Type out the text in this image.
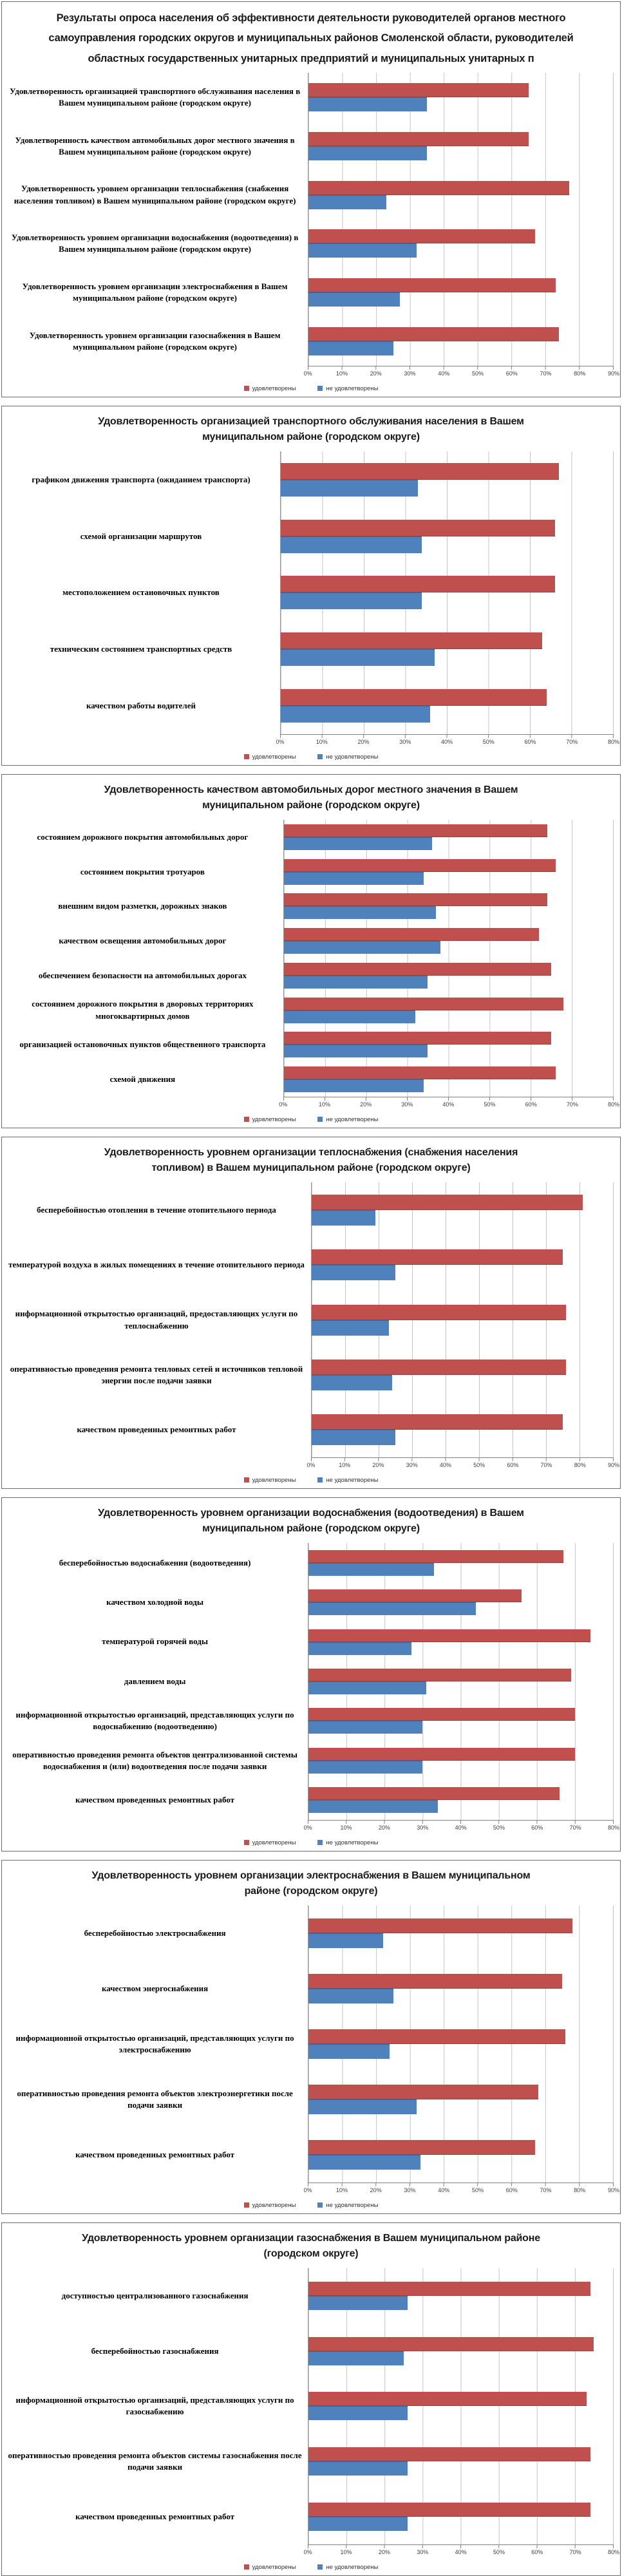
Результаты опроса населения об эффективности деятельности руководителей органов местного самоуправления городских округов и муниципальных районов Смоленской области, руководителей областных государственных унитарных предприятий и муниципальных унитарных п
Удовлетворенность организацией транспортного обслуживания населения в Вашем муниципальном районе (городском округе)
Удовлетворенность качеством автомобильных дорог местного значения в Вашем муниципальном районе (городском округе)
Удовлетворенность уровнем организации теплоснабжения (снабжения населения топливом) в Вашем муниципальном районе (городском округе)
Удовлетворенность уровнем организации водоснабжения (водоотведения) в Вашем муниципальном районе (городском округе)
Удовлетворенность уровнем организации электроснабжения в Вашем муниципальном районе (городском округе)
Удовлетворенность уровнем организации газоснабжения в Вашем муниципальном районе (городском округе)
0%	10%	20%	30%	40%	50%	60%	70%	80%	90%
удовлетворены	не удовлетворены
Удовлетворенность организацией транспортного обслуживания населения в Вашем муниципальном районе (городском округе)
графиком движения транспорта (ожиданием транспорта)
схемой организации маршрутов
местоположением остановочных пунктов
техническим состоянием транспортных средств
качеством работы водителей
0%	10%	20%	30%	40%	50%	60%	70%	80%
удовлетворены	не удовлетворены
Удовлетворенность качеством автомобильных дорог местного значения в Вашем муниципальном районе (городском округе)
состоянием дорожного покрытия автомобильных дорог
состоянием покрытия тротуаров
внешним видом разметки, дорожных знаков
качеством освещения автомобильных дорог
обеспечением безопасности на автомобильных дорогах
состоянием дорожного покрытия в дворовых территориях многоквартирных домов
организацией остановочных пунктов общественного транспорта
схемой движения
0%	10%	20%	30%	40%	50%	60%	70%	80%
удовлетворены	не удовлетворены
Удовлетворенность уровнем организации теплоснабжения (снабжения населения топливом) в Вашем муниципальном районе (городском округе)
бесперебойностью отопления в течение отопительного периода
температурой воздуха в жилых помещениях в течение отопительного периода
информационной открытостью организаций, предоставляющих услуги по теплоснабжению
оперативностью проведения ремонта тепловых сетей и источников тепловой энергии после подачи заявки
качеством проведенных ремонтных работ
0%	10%	20%	30%	40%	50%	60%	70%	80%	90%
удовлетворены	не удовлетворены
Удовлетворенность уровнем организации водоснабжения (водоотведения) в Вашем муниципальном районе (городском округе)
бесперебойностью водоснабжения (водоотведения)
качеством холодной воды
температурой горячей воды
давлением воды
информационной открытостью организаций, представляющих услуги по водоснабжению (водоотведению)
оперативностью проведения ремонта объектов централизованной системы водоснабжения и (или) водоотведения после подачи заявки
качеством проведенных ремонтных работ
0%	10%	20%	30%	40%	50%	60%	70%	80%
удовлетворены	не удовлетворены
Удовлетворенность уровнем организации электроснабжения в Вашем муниципальном районе (городском округе)
бесперебойностью электроснабжения
качеством энергоснабжения
информационной открытостью организаций, представляющих услуги по электроснабжению
оперативностью проведения ремонта объектов электроэнергетики после подачи заявки
качеством проведенных ремонтных работ
0%	10%	20%	30%	40%	50%	60%	70%	80%	90%
удовлетворены	не удовлетворены
Удовлетворенность уровнем организации газоснабжения в Вашем муниципальном районе (городском округе)
доступностью централизованного газоснабжения
бесперебойностью газоснабжения
информационной открытостью организаций, представляющих услуги по газоснабжению
оперативностью проведения ремонта объектов системы газоснабжения после подачи заявки
качеством проведенных ремонтных работ
0%	10%	20%	30%	40%	50%	60%	70%	80%
удовлетворены	не удовлетворены
